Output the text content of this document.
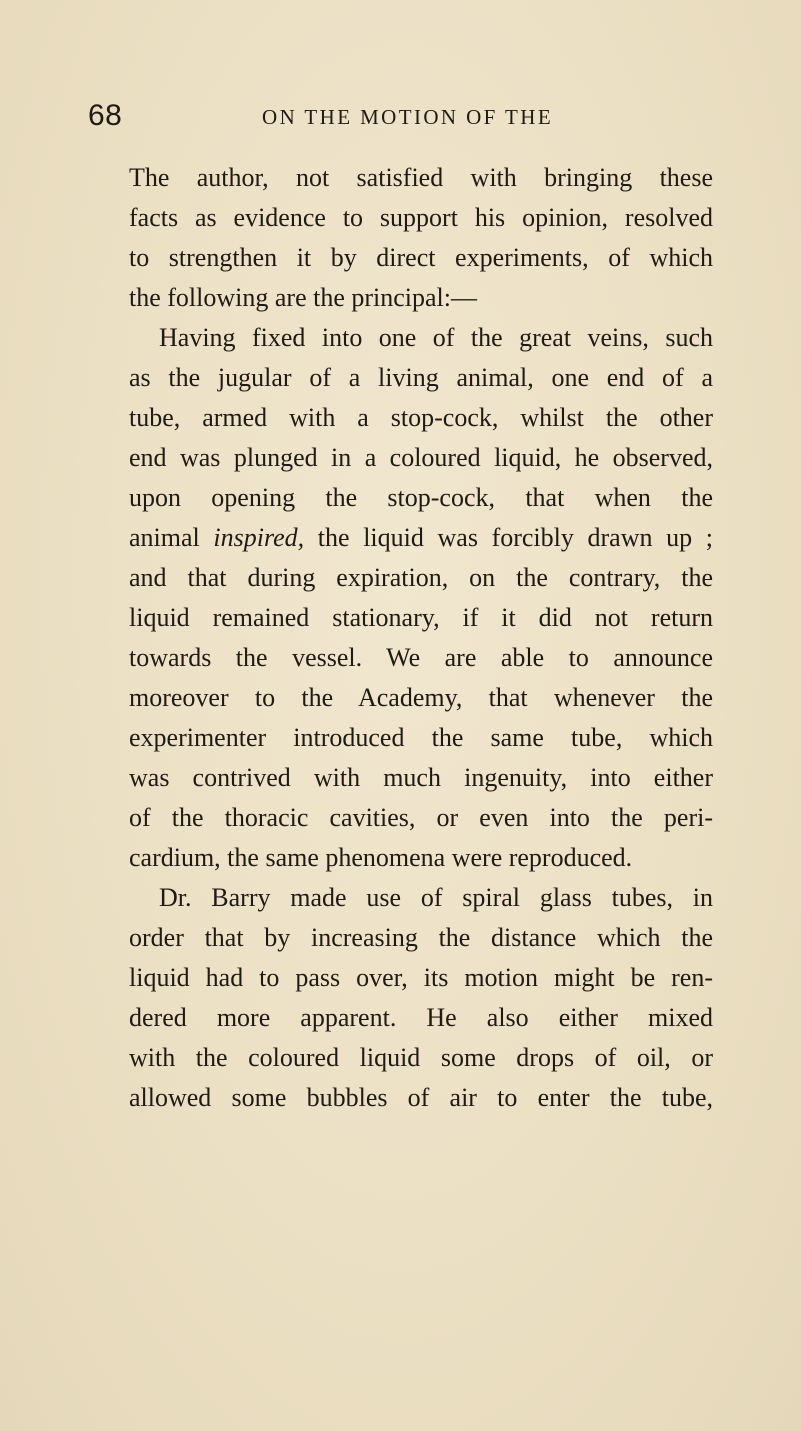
68	ON THE MOTION OF THE
The author, not satisfied with bringing these
facts as evidence to support his opinion, resolved
to strengthen it by direct experiments, of which
the following are the principal:—
Having fixed into one of the great veins, such
as the jugular of a living animal, one end of a
tube, armed with a stop-cock, whilst the other
end was plunged in a coloured liquid, he observed,
upon opening the stop-cock, that when the
animal inspired, the liquid was forcibly drawn up ;
and that during expiration, on the contrary, the
liquid remained stationary, if it did not return
towards the vessel. We are able to announce
moreover to the Academy, that whenever the
experimenter introduced the same tube, which
was contrived with much ingenuity, into either
of the thoracic cavities, or even into the peri-
cardium, the same phenomena were reproduced.
Dr. Barry made use of spiral glass tubes, in
order that by increasing the distance which the
liquid had to pass over, its motion might be ren-
dered more apparent. He also either mixed
with the coloured liquid some drops of oil, or
allowed some bubbles of air to enter the tube,
